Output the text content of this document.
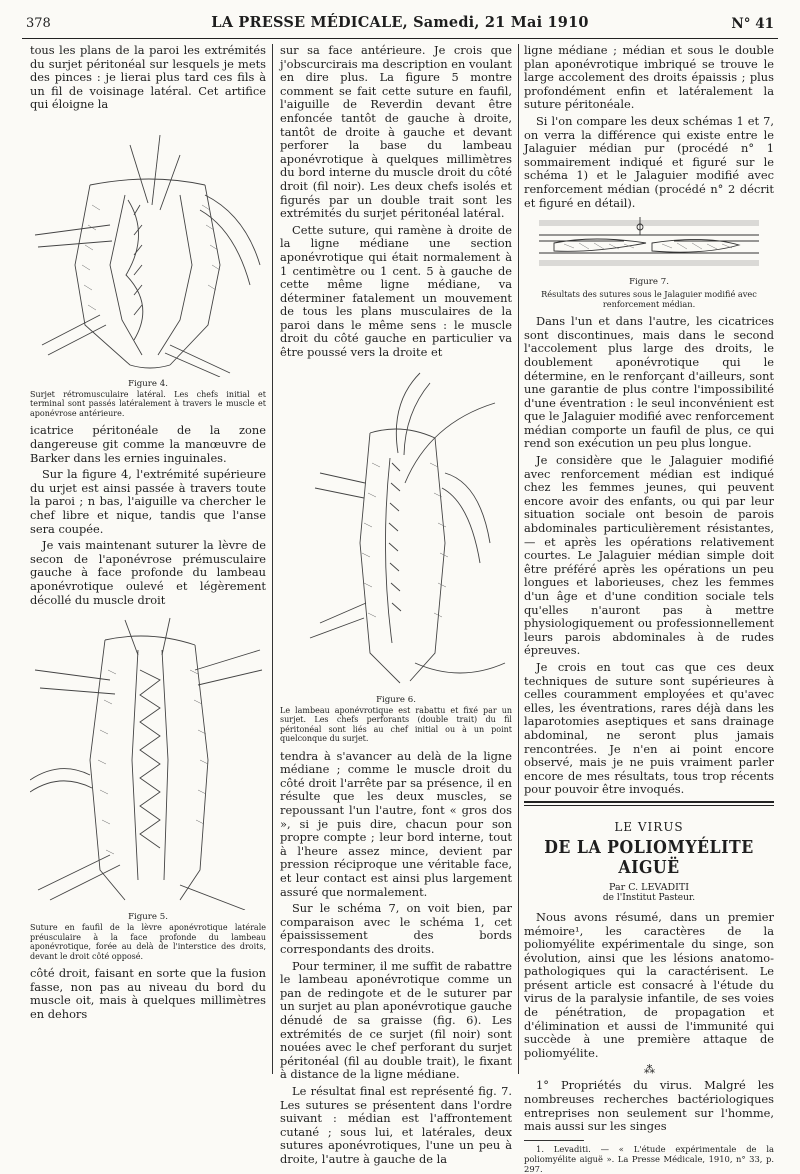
378	LA PRESSE MÉDICALE, Samedi, 21 Mai 1910	N° 41

tous les plans de la paroi les extrémités du surjet péritonéal sur lesquels je mets des pinces : je lierai plus tard ces fils à un fil de voisinage latéral. Cet artifice qui éloigne la

Figure 4.
Surjet rétromusculaire latéral. Les chefs initial et terminal sont passés latéralement à travers le muscle et aponévrose antérieure.

icatrice péritonéale de la zone dangereuse git comme la manœuvre de Barker dans les ernies inguinales.

Sur la figure 4, l'extrémité supérieure du urjet est ainsi passée à travers toute la paroi ; n bas, l'aiguille va chercher le chef libre et nique, tandis que l'anse sera coupée.

Je vais maintenant suturer la lèvre de secon de l'aponévrose prémusculaire gauche à face profonde du lambeau aponévrotique oulevé et légèrement décollé du muscle droit

Figure 5.
Suture en faufil de la lèvre aponévrotique latérale préusculaire à la face profonde du lambeau aponévrotique, forée au delà de l'interstice des droits, devant le droit côté opposé.

côté droit, faisant en sorte que la fusion fasse, non pas au niveau du bord du muscle oit, mais à quelques millimètres en dehors

sur sa face antérieure. Je crois que j'obscurcirais ma description en voulant en dire plus. La figure 5 montre comment se fait cette suture en faufil, l'aiguille de Reverdin devant être enfoncée tantôt de gauche à droite, tantôt de droite à gauche et devant perforer la base du lambeau aponévrotique à quelques millimètres du bord interne du muscle droit du côté droit (fil noir). Les deux chefs isolés et figurés par un double trait sont les extrémités du surjet péritonéal latéral.

Cette suture, qui ramène à droite de la ligne médiane une section aponévrotique qui était normalement à 1 centimètre ou 1 cent. 5 à gauche de cette même ligne médiane, va déterminer fatalement un mouvement de tous les plans musculaires de la paroi dans le même sens : le muscle droit du côté gauche en particulier va être poussé vers la droite et

Figure 6.
Le lambeau aponévrotique est rabattu et fixé par un surjet. Les chefs perforants (double trait) du fil péritonéal sont liés au chef initial ou à un point quelconque du surjet.

tendra à s'avancer au delà de la ligne médiane ; comme le muscle droit du côté droit l'arrête par sa présence, il en résulte que les deux muscles, se repoussant l'un l'autre, font « gros dos », si je puis dire, chacun pour son propre compte ; leur bord interne, tout à l'heure assez mince, devient par pression réciproque une véritable face, et leur contact est ainsi plus largement assuré que normalement.

Sur le schéma 7, on voit bien, par comparaison avec le schéma 1, cet épaississement des bords correspondants des droits.

Pour terminer, il me suffit de rabattre le lambeau aponévrotique comme un pan de redingote et de le suturer par un surjet au plan aponévrotique gauche dénudé de sa graisse (fig. 6). Les extrémités de ce surjet (fil noir) sont nouées avec le chef perforant du surjet péritonéal (fil au double trait), le fixant à distance de la ligne médiane.

Le résultat final est représenté fig. 7. Les sutures se présentent dans l'ordre suivant : médian est l'affrontement cutané ; sous lui, et latérales, deux sutures aponévrotiques, l'une un peu à droite, l'autre à gauche de la

ligne médiane ; médian et sous le double plan aponévrotique imbriqué se trouve le large accolement des droits épaissis ; plus profondément enfin et latéralement la suture péritonéale.

Si l'on compare les deux schémas 1 et 7, on verra la différence qui existe entre le Jalaguier médian pur (procédé n° 1 sommairement indiqué et figuré sur le schéma 1) et le Jalaguier modifié avec renforcement médian (procédé n° 2 décrit et figuré en détail).

Figure 7.
Résultats des sutures sous le Jalaguier modifié avec renforcement médian.

Dans l'un et dans l'autre, les cicatrices sont discontinues, mais dans le second l'accolement plus large des droits, le doublement aponévrotique qui le détermine, en le renforçant d'ailleurs, sont une garantie de plus contre l'impossibilité d'une éventration : le seul inconvénient est que le Jalaguier modifié avec renforcement médian comporte un faufil de plus, ce qui rend son exécution un peu plus longue.

Je considère que le Jalaguier modifié avec renforcement médian est indiqué chez les femmes jeunes, qui peuvent encore avoir des enfants, ou qui par leur situation sociale ont besoin de parois abdominales particulièrement résistantes, — et après les opérations relativement courtes. Le Jalaguier médian simple doit être préféré après les opérations un peu longues et laborieuses, chez les femmes d'un âge et d'une condition sociale tels qu'elles n'auront pas à mettre physiologiquement ou professionnellement leurs parois abdominales à de rudes épreuves.

Je crois en tout cas que ces deux techniques de suture sont supérieures à celles couramment employées et qu'avec elles, les éventrations, rares déjà dans les laparotomies aseptiques et sans drainage abdominal, ne seront plus jamais rencontrées. Je n'en ai point encore observé, mais je ne puis vraiment parler encore de mes résultats, tous trop récents pour pouvoir être invoqués.

LE VIRUS
DE LA POLIOMYÉLITE AIGUË
Par C. LEVADITI
de l'Institut Pasteur.

Nous avons résumé, dans un premier mémoire¹, les caractères de la poliomyélite expérimentale du singe, son évolution, ainsi que les lésions anatomo-pathologiques qui la caractérisent. Le présent article est consacré à l'étude du virus de la paralysie infantile, de ses voies de pénétration, de propagation et d'élimination et aussi de l'immunité qui succède à une première attaque de poliomyélite.

⁂

1° Propriétés du virus. Malgré les nombreuses recherches bactériologiques entreprises non seulement sur l'homme, mais aussi sur les singes

1. Levaditi. — « L'étude expérimentale de la poliomyélite aiguë ». La Presse Médicale, 1910, n° 33, p. 297.
